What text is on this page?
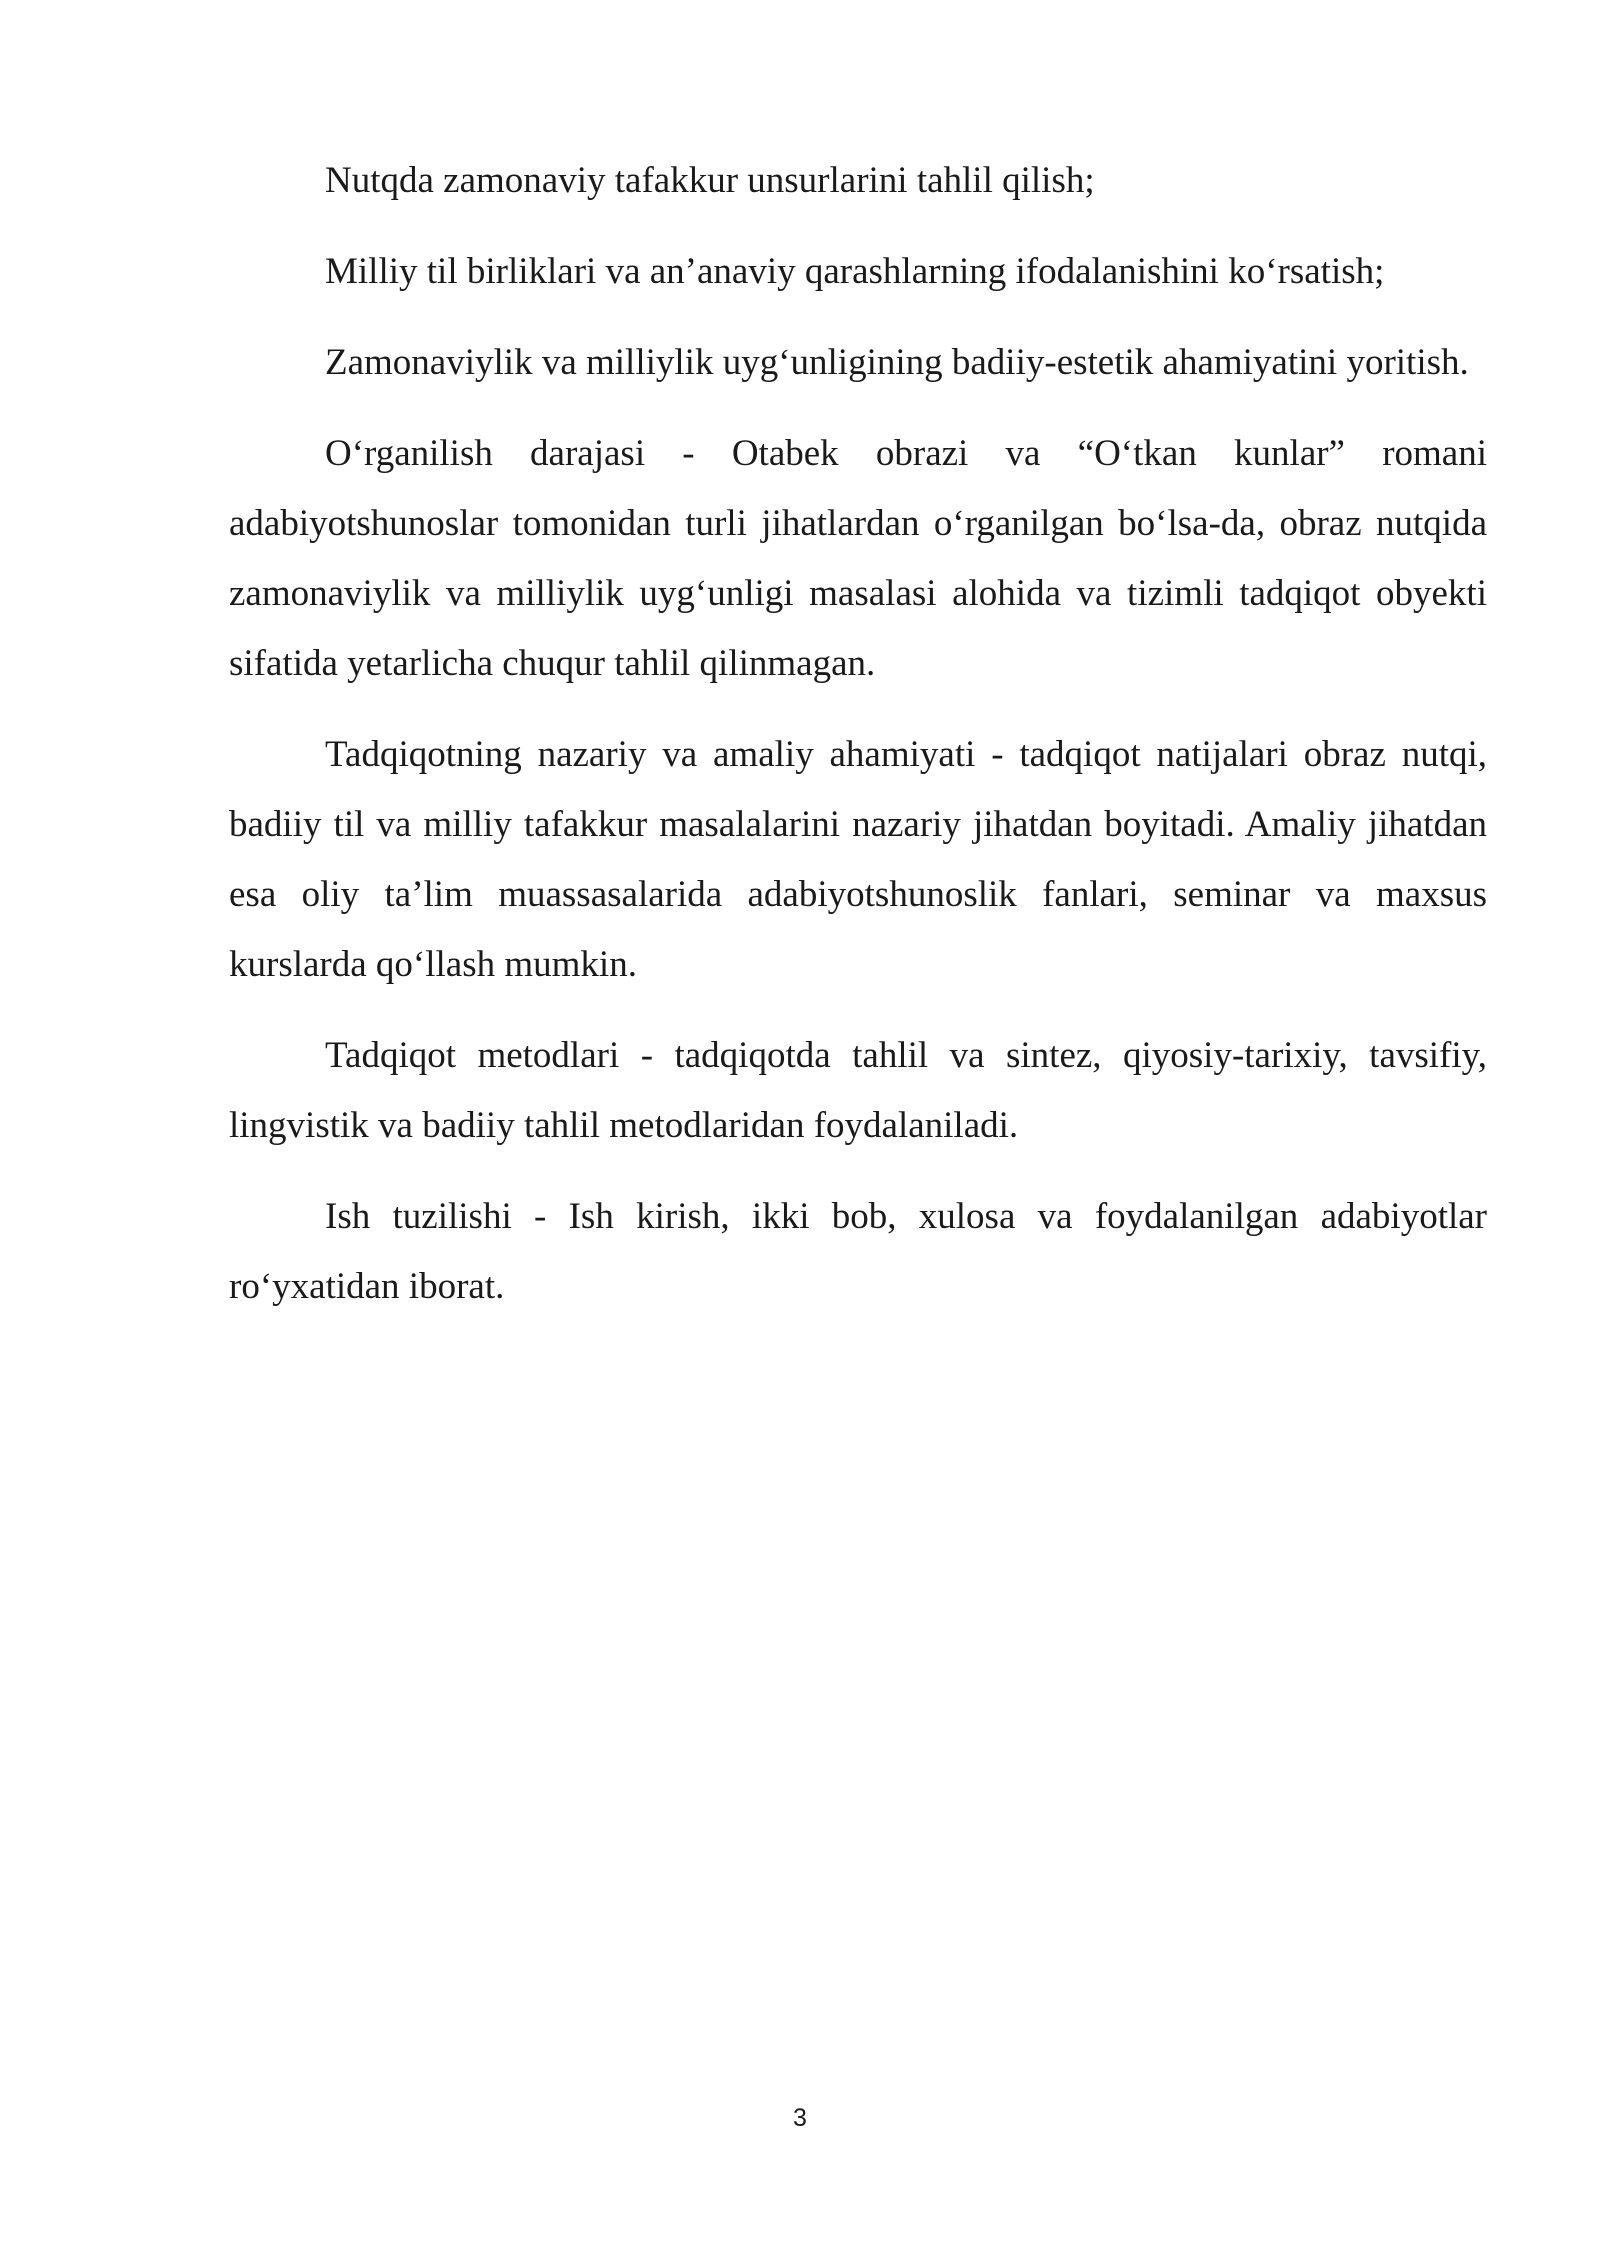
Nutqda zamonaviy tafakkur unsurlarini tahlil qilish;

Milliy til birliklari va an’anaviy qarashlarning ifodalanishini ko‘rsatish;

Zamonaviylik va milliylik uyg‘unligining badiiy-estetik ahamiyatini yoritish.

O‘rganilish darajasi - Otabek obrazi va “O‘tkan kunlar” romani adabiyotshunoslar tomonidan turli jihatlardan o‘rganilgan bo‘lsa-da, obraz nutqida zamonaviylik va milliylik uyg‘unligi masalasi alohida va tizimli tadqiqot obyekti sifatida yetarlicha chuqur tahlil qilinmagan.

Tadqiqotning nazariy va amaliy ahamiyati - tadqiqot natijalari obraz nutqi, badiiy til va milliy tafakkur masalalarini nazariy jihatdan boyitadi. Amaliy jihatdan esa oliy ta’lim muassasalarida adabiyotshunoslik fanlari, seminar va maxsus kurslarda qo‘llash mumkin.

Tadqiqot metodlari - tadqiqotda tahlil va sintez, qiyosiy-tarixiy, tavsifiy, lingvistik va badiiy tahlil metodlaridan foydalaniladi.

Ish tuzilishi - Ish kirish, ikki bob, xulosa va foydalanilgan adabiyotlar ro‘yxatidan iborat.

3
